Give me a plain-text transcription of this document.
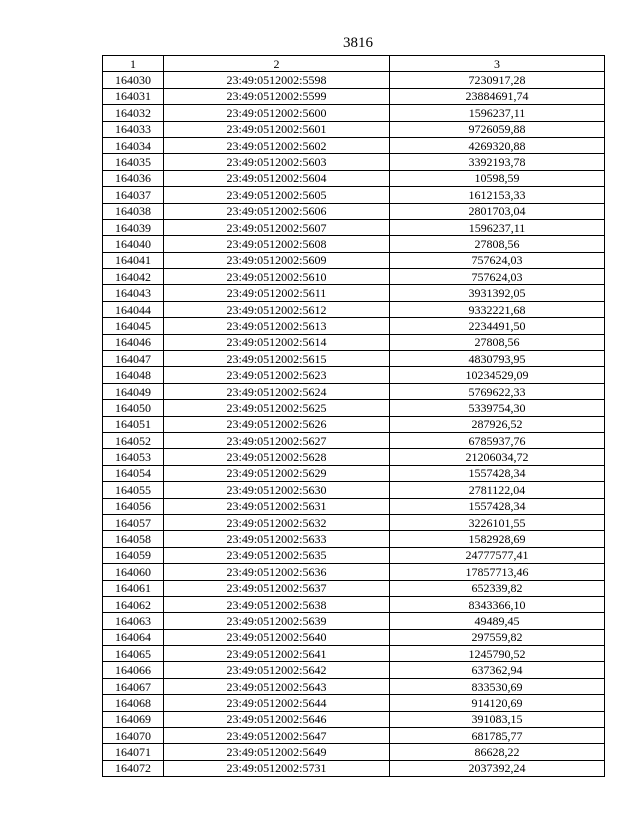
3816
1	2	3
164030	23:49:0512002:5598	7230917,28
164031	23:49:0512002:5599	23884691,74
164032	23:49:0512002:5600	1596237,11
164033	23:49:0512002:5601	9726059,88
164034	23:49:0512002:5602	4269320,88
164035	23:49:0512002:5603	3392193,78
164036	23:49:0512002:5604	10598,59
164037	23:49:0512002:5605	1612153,33
164038	23:49:0512002:5606	2801703,04
164039	23:49:0512002:5607	1596237,11
164040	23:49:0512002:5608	27808,56
164041	23:49:0512002:5609	757624,03
164042	23:49:0512002:5610	757624,03
164043	23:49:0512002:5611	3931392,05
164044	23:49:0512002:5612	9332221,68
164045	23:49:0512002:5613	2234491,50
164046	23:49:0512002:5614	27808,56
164047	23:49:0512002:5615	4830793,95
164048	23:49:0512002:5623	10234529,09
164049	23:49:0512002:5624	5769622,33
164050	23:49:0512002:5625	5339754,30
164051	23:49:0512002:5626	287926,52
164052	23:49:0512002:5627	6785937,76
164053	23:49:0512002:5628	21206034,72
164054	23:49:0512002:5629	1557428,34
164055	23:49:0512002:5630	2781122,04
164056	23:49:0512002:5631	1557428,34
164057	23:49:0512002:5632	3226101,55
164058	23:49:0512002:5633	1582928,69
164059	23:49:0512002:5635	24777577,41
164060	23:49:0512002:5636	17857713,46
164061	23:49:0512002:5637	652339,82
164062	23:49:0512002:5638	8343366,10
164063	23:49:0512002:5639	49489,45
164064	23:49:0512002:5640	297559,82
164065	23:49:0512002:5641	1245790,52
164066	23:49:0512002:5642	637362,94
164067	23:49:0512002:5643	833530,69
164068	23:49:0512002:5644	914120,69
164069	23:49:0512002:5646	391083,15
164070	23:49:0512002:5647	681785,77
164071	23:49:0512002:5649	86628,22
164072	23:49:0512002:5731	2037392,24
